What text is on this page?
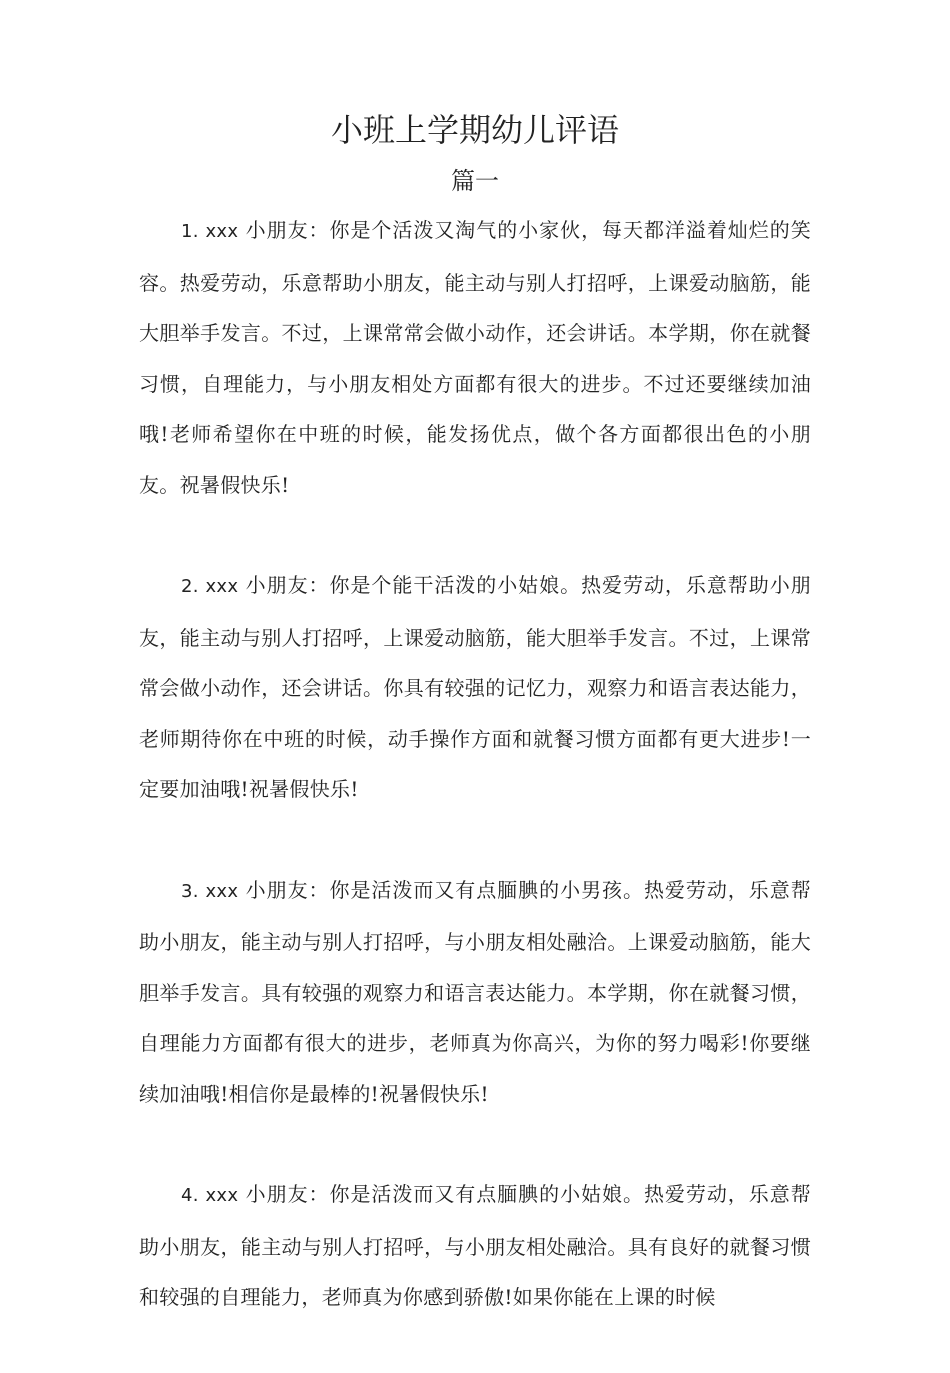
小班上学期幼儿评语
篇一

1. xxx 小朋友：你是个活泼又淘气的小家伙，每天都洋溢着灿烂的笑容。热爱劳动，乐意帮助小朋友，能主动与别人打招呼，上课爱动脑筋，能大胆举手发言。不过，上课常常会做小动作，还会讲话。本学期，你在就餐习惯，自理能力，与小朋友相处方面都有很大的进步。不过还要继续加油哦!老师希望你在中班的时候，能发扬优点，做个各方面都很出色的小朋友。祝暑假快乐!

2. xxx 小朋友：你是个能干活泼的小姑娘。热爱劳动，乐意帮助小朋友，能主动与别人打招呼，上课爱动脑筋，能大胆举手发言。不过，上课常常会做小动作，还会讲话。你具有较强的记忆力，观察力和语言表达能力，老师期待你在中班的时候，动手操作方面和就餐习惯方面都有更大进步!一定要加油哦!祝暑假快乐!

3. xxx 小朋友：你是活泼而又有点腼腆的小男孩。热爱劳动，乐意帮助小朋友，能主动与别人打招呼，与小朋友相处融洽。上课爱动脑筋，能大胆举手发言。具有较强的观察力和语言表达能力。本学期，你在就餐习惯，自理能力方面都有很大的进步，老师真为你高兴，为你的努力喝彩!你要继续加油哦!相信你是最棒的!祝暑假快乐!

4. xxx 小朋友：你是活泼而又有点腼腆的小姑娘。热爱劳动，乐意帮助小朋友，能主动与别人打招呼，与小朋友相处融洽。具有良好的就餐习惯和较强的自理能力，老师真为你感到骄傲!如果你能在上课的时候
